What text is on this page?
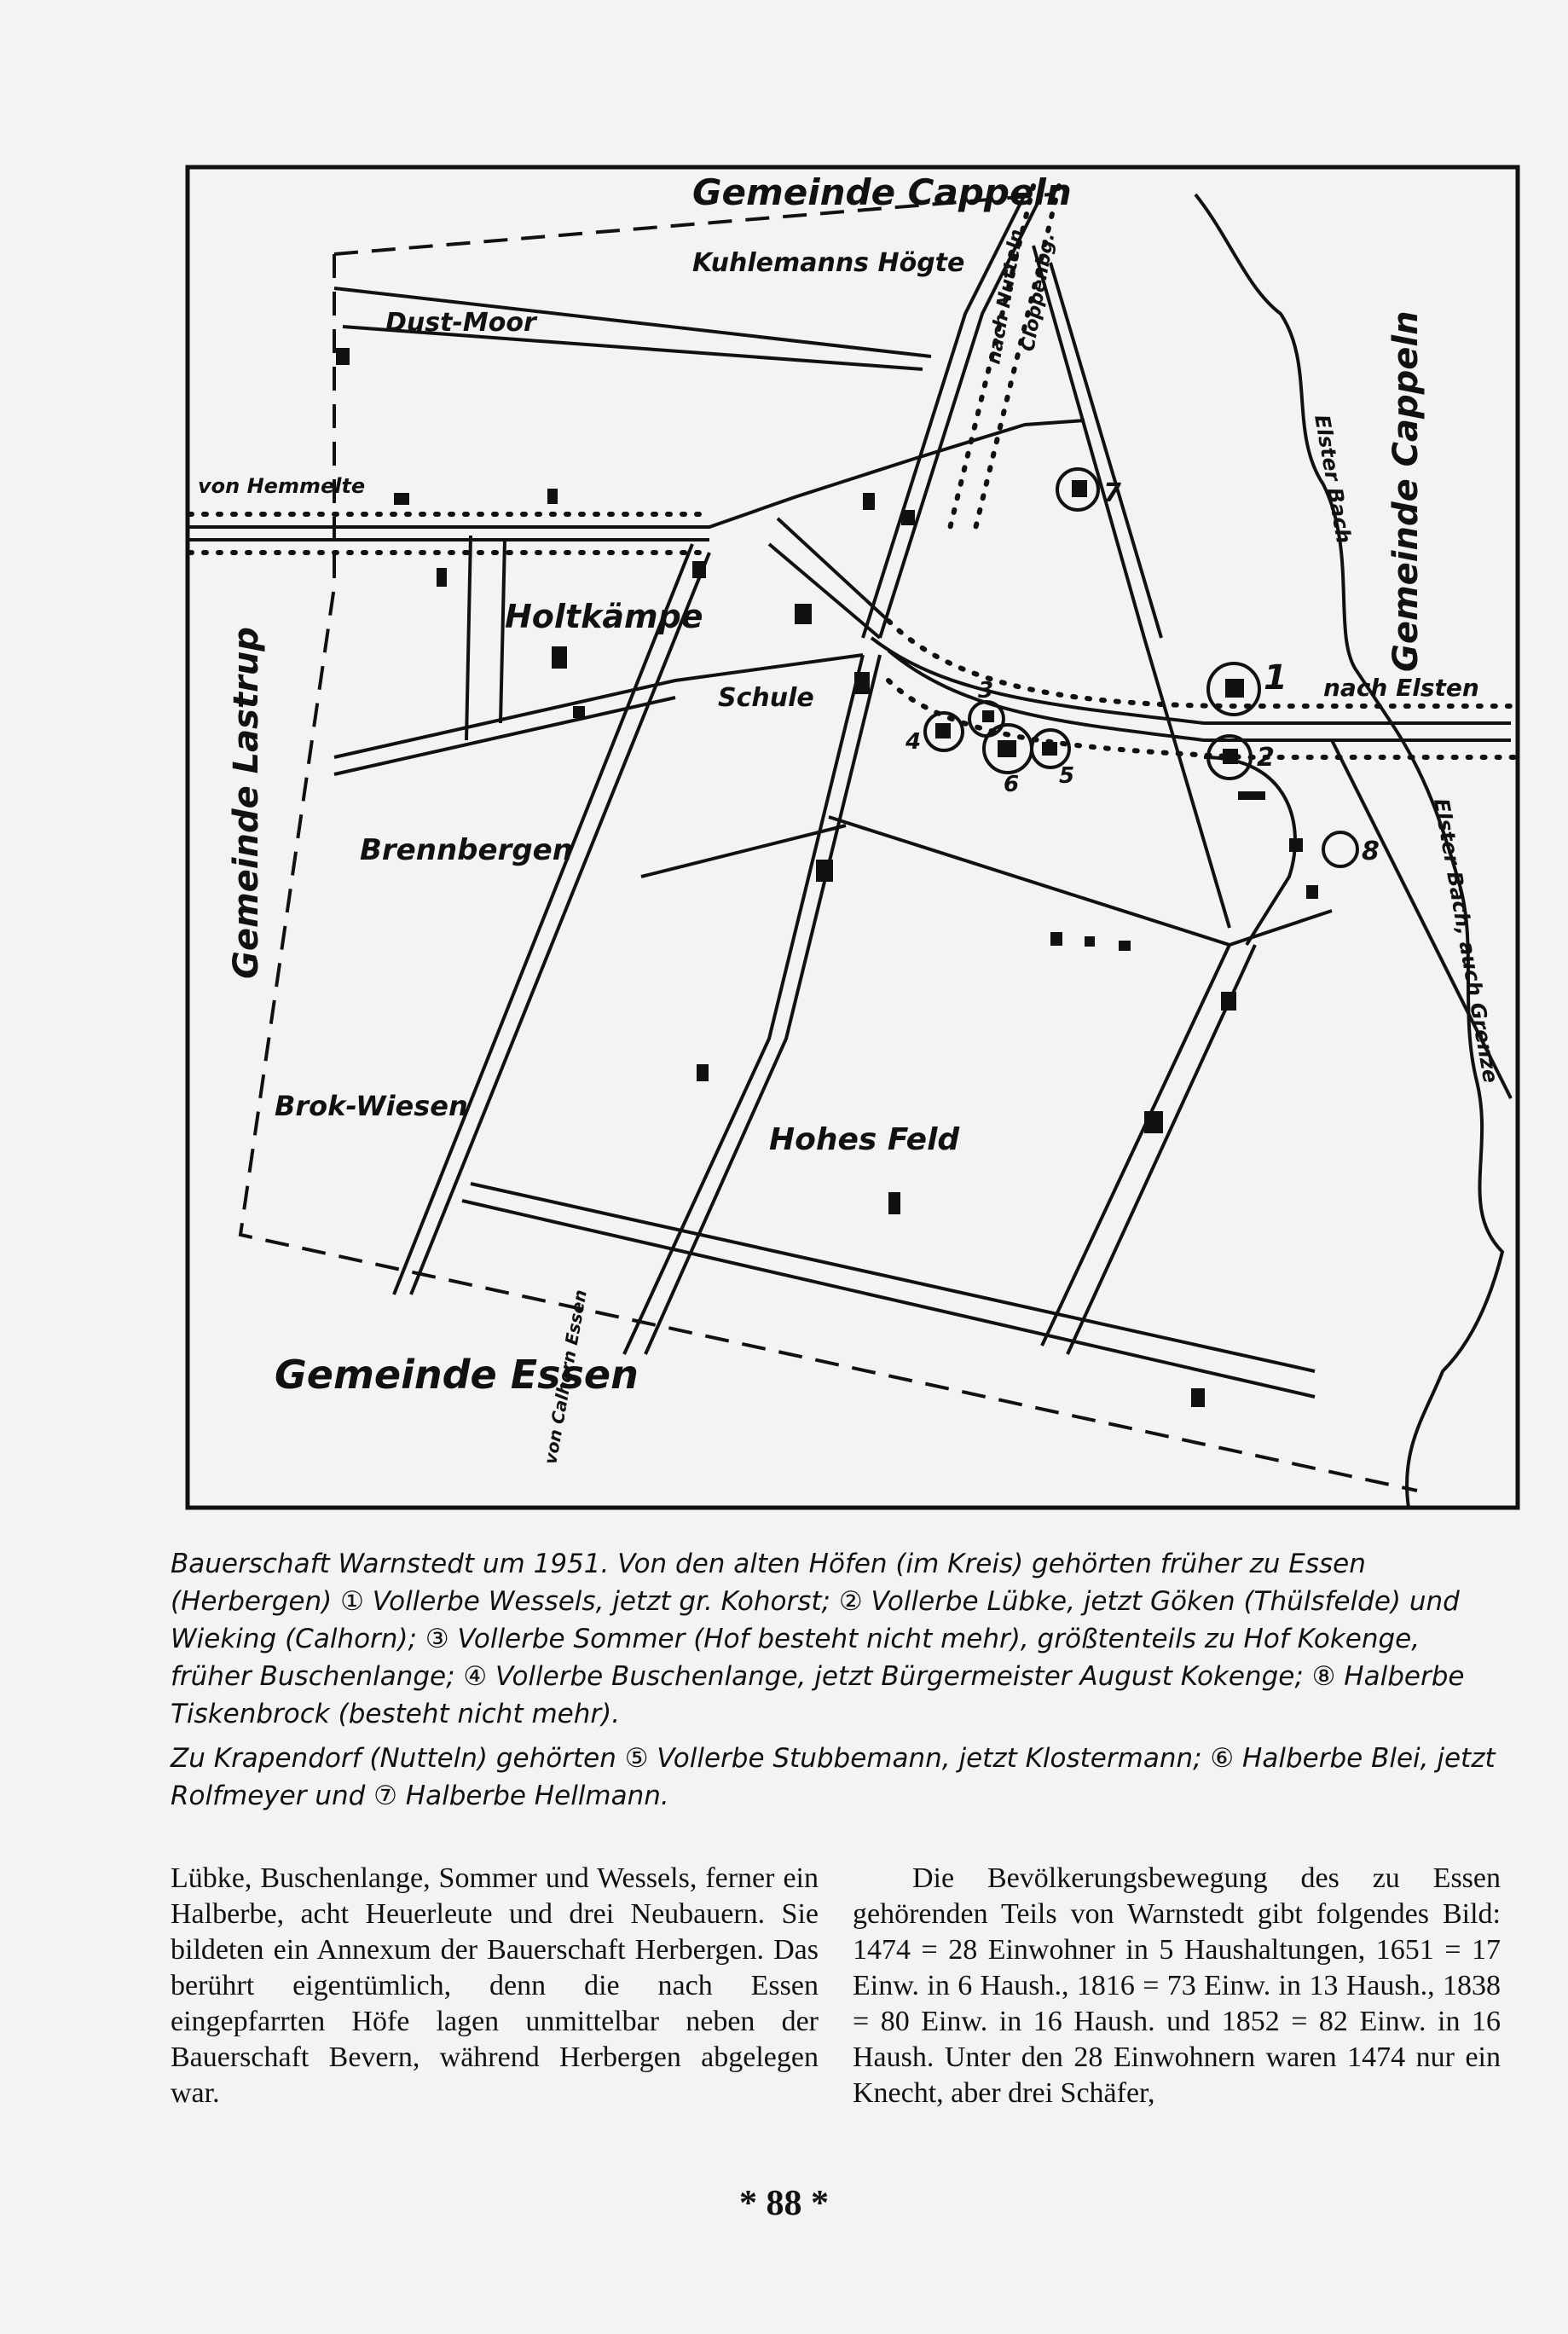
Gemeinde Cappeln
Kuhlemanns Högte
Dust-Moor
Gemeinde Lastrup
von Hemmelte
nach Nutteln
Cloppenbg.
Holtkämpe
Schule
Brennbergen
Brok-Wiesen
Hohes Feld
Gemeinde Essen
von Calhorn Essen
Elster Bach Gemeinde Cappeln
nach Elsten
Elster Bach, auch Grenze
1
2
3
4
5
6
7
8

Bauerschaft Warnstedt um 1951. Von den alten Höfen (im Kreis) gehörten früher zu Essen (Herbergen) ① Vollerbe Wessels, jetzt gr. Kohorst; ② Vollerbe Lübke, jetzt Göken (Thülsfelde) und Wieking (Calhorn); ③ Vollerbe Sommer (Hof besteht nicht mehr), größtenteils zu Hof Kokenge, früher Buschenlange; ④ Vollerbe Buschenlange, jetzt Bürgermeister August Kokenge; ⑧ Halberbe Tiskenbrock (besteht nicht mehr).

Zu Krapendorf (Nutteln) gehörten ⑤ Vollerbe Stubbemann, jetzt Klostermann; ⑥ Halberbe Blei, jetzt Rolfmeyer und ⑦ Halberbe Hellmann.

Lübke, Buschenlange, Sommer und Wessels, ferner ein Halberbe, acht Heuerleute und drei Neubauern. Sie bildeten ein Annexum der Bauerschaft Herbergen. Das berührt eigentümlich, denn die nach Essen eingepfarrten Höfe lagen unmittelbar neben der Bauerschaft Bevern, während Herbergen abgelegen war.

Die Bevölkerungsbewegung des zu Essen gehörenden Teils von Warnstedt gibt folgendes Bild: 1474 = 28 Einwohner in 5 Haushaltungen, 1651 = 17 Einw. in 6 Haush., 1816 = 73 Einw. in 13 Haush., 1838 = 80 Einw. in 16 Haush. und 1852 = 82 Einw. in 16 Haush. Unter den 28 Einwohnern waren 1474 nur ein Knecht, aber drei Schäfer,

* 88 *
